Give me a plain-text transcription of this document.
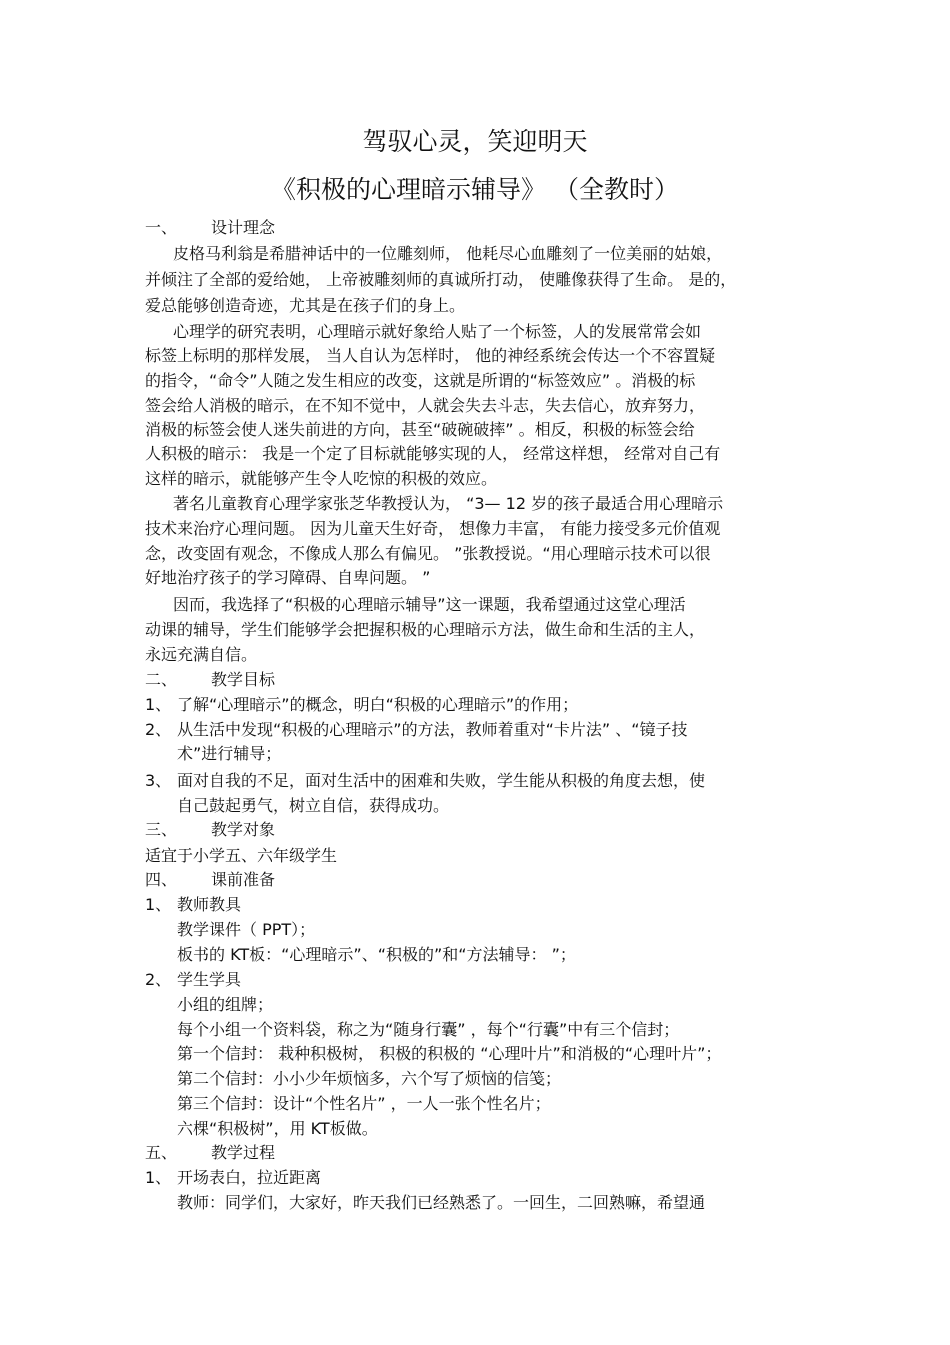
驾驭心灵，笑迎明天
《积极的心理暗示辅导》 （全教时）
一、 设计理念
皮格马利翁是希腊神话中的一位雕刻师， 他耗尽心血雕刻了一位美丽的姑娘，
并倾注了全部的爱给她， 上帝被雕刻师的真诚所打动， 使雕像获得了生命。 是的，
爱总能够创造奇迹，尤其是在孩子们的身上。
心理学的研究表明，心理暗示就好象给人贴了一个标签，人的发展常常会如
标签上标明的那样发展， 当人自认为怎样时， 他的神经系统会传达一个不容置疑
的指令，“命令”人随之发生相应的改变，这就是所谓的“标签效应” 。消极的标
签会给人消极的暗示，在不知不觉中，人就会失去斗志，失去信心，放弃努力，
消极的标签会使人迷失前进的方向，甚至“破碗破摔” 。相反，积极的标签会给
人积极的暗示： 我是一个定了目标就能够实现的人， 经常这样想， 经常对自己有
这样的暗示，就能够产生令人吃惊的积极的效应。
著名儿童教育心理学家张芝华教授认为， “3— 12 岁的孩子最适合用心理暗示
技术来治疗心理问题。 因为儿童天生好奇， 想像力丰富， 有能力接受多元价值观
念，改变固有观念，不像成人那么有偏见。 ”张教授说。“用心理暗示技术可以很
好地治疗孩子的学习障碍、自卑问题。 ”
因而，我选择了“积极的心理暗示辅导”这一课题，我希望通过这堂心理活
动课的辅导，学生们能够学会把握积极的心理暗示方法，做生命和生活的主人，
永远充满自信。
二、 教学目标
1、 了解“心理暗示”的概念，明白“积极的心理暗示”的作用；
2、 从生活中发现“积极的心理暗示”的方法，教师着重对“卡片法” 、“镜子技
术”进行辅导；
3、 面对自我的不足，面对生活中的困难和失败，学生能从积极的角度去想，使
自己鼓起勇气，树立自信，获得成功。
三、 教学对象
适宜于小学五、六年级学生
四、 课前准备
1、 教师教具
教学课件（ PPT）；
板书的 KT板：“心理暗示”、“积极的”和“方法辅导： ”；
2、 学生学具
小组的组牌；
每个小组一个资料袋，称之为“随身行囊” ，每个“行囊”中有三个信封；
第一个信封： 栽种积极树， 积极的积极的 “心理叶片”和消极的“心理叶片”；
第二个信封：小小少年烦恼多，六个写了烦恼的信笺；
第三个信封：设计“个性名片” ，一人一张个性名片；
六棵“积极树”，用 KT板做。
五、 教学过程
1、 开场表白，拉近距离
教师：同学们，大家好，昨天我们已经熟悉了。一回生，二回熟嘛，希望通
